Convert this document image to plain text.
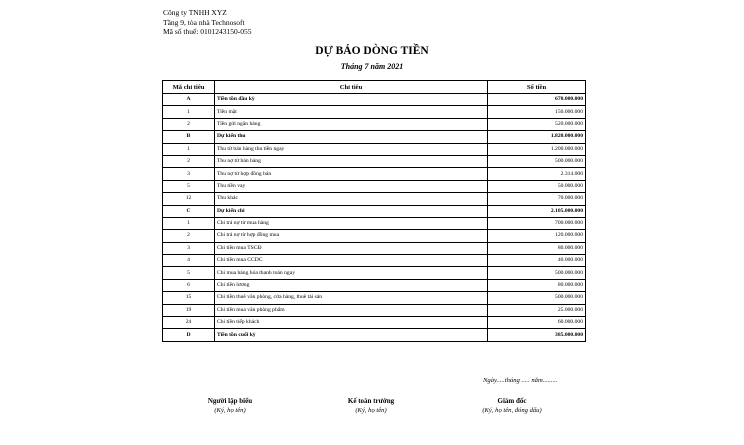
Công ty TNHH XYZ
Tầng 9, tòa nhà Technosoft
Mã số thuế: 0101243150-055
DỰ BÁO DÒNG TIỀN
Tháng 7 năm 2021
Mã chỉ tiêu	Chỉ tiêu	Số tiền
A	Tiền tồn đầu kỳ	670.000.000
1	Tiền mặt	150.000.000
2	Tiền gửi ngân hàng	520.000.000
B	Dự kiến thu	1.820.000.000
1	Thu từ bán hàng thu tiền ngay	1.200.000.000
2	Thu nợ từ bán hàng	500.000.000
3	Thu nợ từ hợp đồng bán	2.314.000
5	Thu tiền vay	50.000.000
12	Thu khác	70.000.000
C	Dự kiến chi	2.105.000.000
1	Chi trả nợ từ mua hàng	700.000.000
2	Chi trả nợ từ hợp đồng mua	120.000.000
3	Chi tiền mua TSCĐ	80.000.000
4	Chi tiền mua CCDC	40.000.000
5	Chi mua hàng hóa thanh toán ngay	500.000.000
6	Chi tiền lương	80.000.000
15	Chi tiền thuê văn phòng, cửa hàng, thuê tài sản	500.000.000
19	Chi tiền mua văn phòng phẩm	25.000.000
24	Chi tiền tiếp khách	60.000.000
D	Tiền tồn cuối kỳ	385.000.000
Ngày.....tháng ..... năm.........
Người lập biểu
(Ký, họ tên)
Kế toán trưởng
(Ký, họ tên)
Giám đốc
(Ký, họ tên, đóng dấu)
